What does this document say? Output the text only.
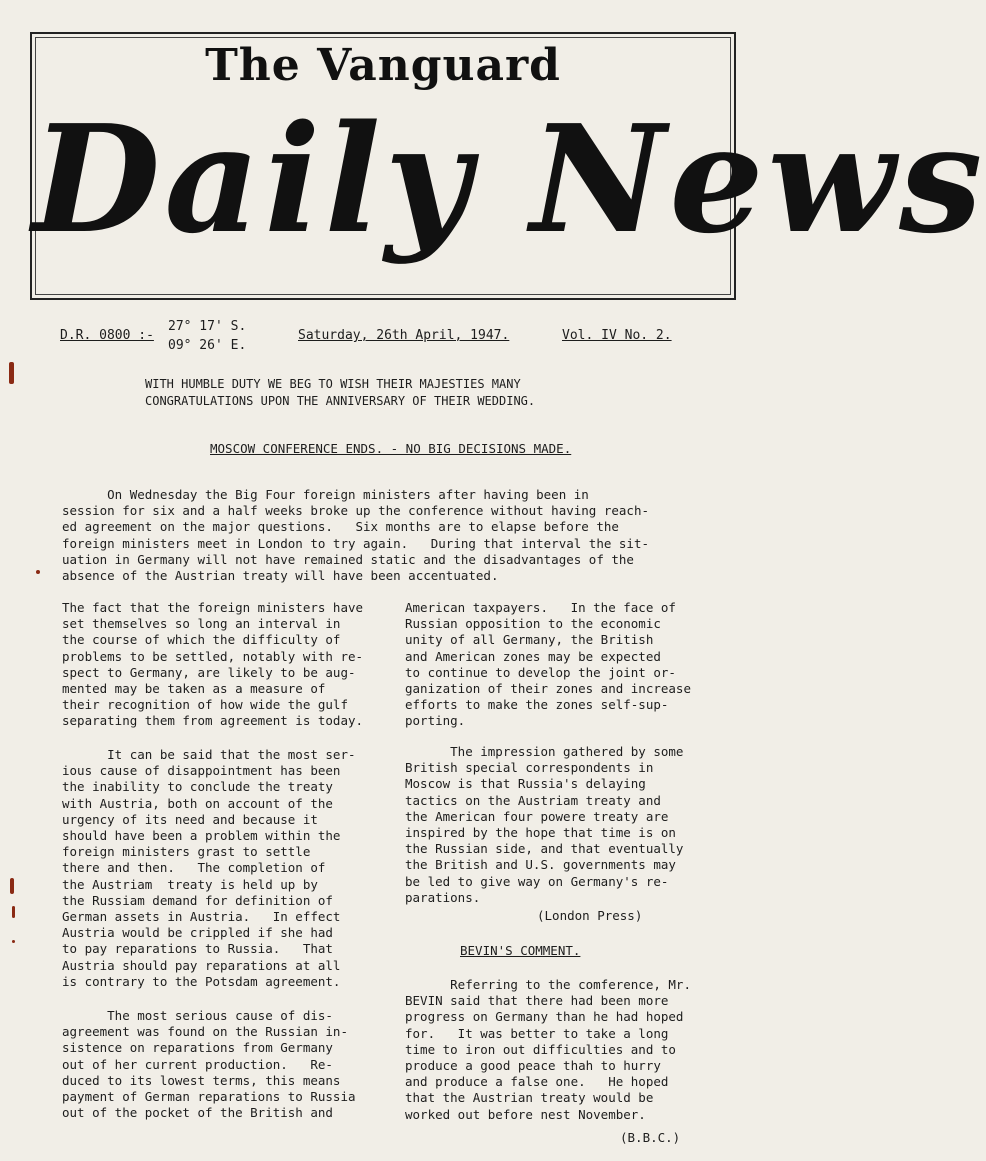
The Vanguard
Daily News
D.R. 0800 :-
27° 17' S.
09° 26' E.
Saturday, 26th April, 1947.	Vol. IV No. 2.
WITH HUMBLE DUTY WE BEG TO WISH THEIR MAJESTIES MANY
CONGRATULATIONS UPON THE ANNIVERSARY OF THEIR WEDDING.
MOSCOW CONFERENCE ENDS. - NO BIG DECISIONS MADE.
On Wednesday the Big Four foreign ministers after having been in
session for six and a half weeks broke up the conference without having reach-
ed agreement on the major questions.   Six months are to elapse before the
foreign ministers meet in London to try again.   During that interval the sit-
uation in Germany will not have remained static and the disadvantages of the
absence of the Austrian treaty will have been accentuated.
The fact that the foreign ministers have
set themselves so long an interval in
the course of which the difficulty of
problems to be settled, notably with re-
spect to Germany, are likely to be aug-
mented may be taken as a measure of
their recognition of how wide the gulf
separating them from agreement is today.
It can be said that the most ser-
ious cause of disappointment has been
the inability to conclude the treaty
with Austria, both on account of the
urgency of its need and because it
should have been a problem within the
foreign ministers grast to settle
there and then.   The completion of
the Austriam  treaty is held up by
the Russiam demand for definition of
German assets in Austria.   In effect
Austria would be crippled if she had
to pay reparations to Russia.   That
Austria should pay reparations at all
is contrary to the Potsdam agreement.
The most serious cause of dis-
agreement was found on the Russian in-
sistence on reparations from Germany
out of her current production.   Re-
duced to its lowest terms, this means
payment of German reparations to Russia
out of the pocket of the British and
American taxpayers.   In the face of
Russian opposition to the economic
unity of all Germany, the British
and American zones may be expected
to continue to develop the joint or-
ganization of their zones and increase
efforts to make the zones self-sup-
porting.
The impression gathered by some
British special correspondents in
Moscow is that Russia's delaying
tactics on the Austriam treaty and
the American four powere treaty are
inspired by the hope that time is on
the Russian side, and that eventually
the British and U.S. governments may
be led to give way on Germany's re-
parations.
(London Press)
BEVIN'S COMMENT.
Referring to the comference, Mr.
BEVIN said that there had been more
progress on Germany than he had hoped
for.   It was better to take a long
time to iron out difficulties and to
produce a good peace thah to hurry
and produce a false one.   He hoped
that the Austrian treaty would be
worked out before nest November.
(B.B.C.)
